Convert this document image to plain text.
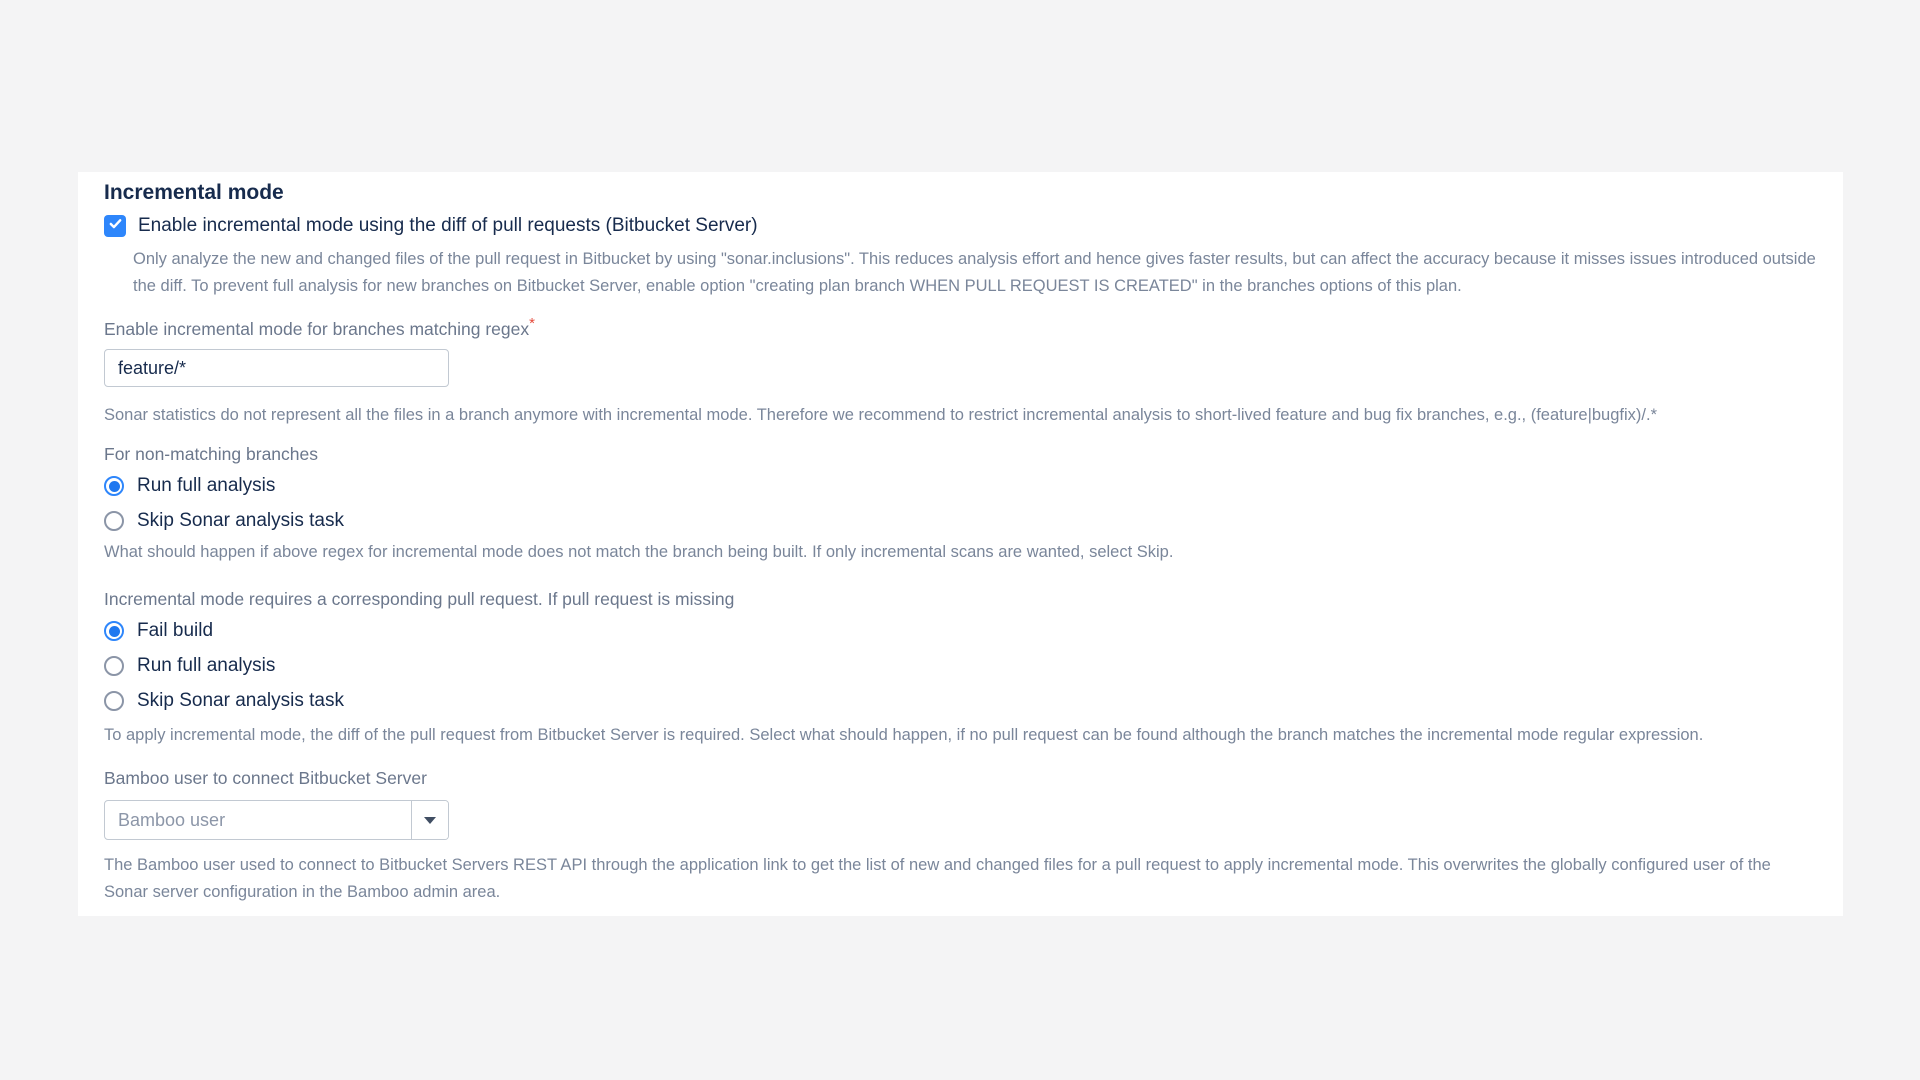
Incremental mode
Enable incremental mode using the diff of pull requests (Bitbucket Server)

Only analyze the new and changed files of the pull request in Bitbucket by using "sonar.inclusions". This reduces analysis effort and hence gives faster results, but can affect the accuracy because it misses issues introduced outside the diff. To prevent full analysis for new branches on Bitbucket Server, enable option "creating plan branch WHEN PULL REQUEST IS CREATED" in the branches options of this plan.

Enable incremental mode for branches matching regex*
feature/*

Sonar statistics do not represent all the files in a branch anymore with incremental mode. Therefore we recommend to restrict incremental analysis to short-lived feature and bug fix branches, e.g., (feature|bugfix)/.*

For non-matching branches
Run full analysis
Skip Sonar analysis task

What should happen if above regex for incremental mode does not match the branch being built. If only incremental scans are wanted, select Skip.

Incremental mode requires a corresponding pull request. If pull request is missing
Fail build
Run full analysis
Skip Sonar analysis task

To apply incremental mode, the diff of the pull request from Bitbucket Server is required. Select what should happen, if no pull request can be found although the branch matches the incremental mode regular expression.

Bamboo user to connect Bitbucket Server
Bamboo user

The Bamboo user used to connect to Bitbucket Servers REST API through the application link to get the list of new and changed files for a pull request to apply incremental mode. This overwrites the globally configured user of the Sonar server configuration in the Bamboo admin area.
